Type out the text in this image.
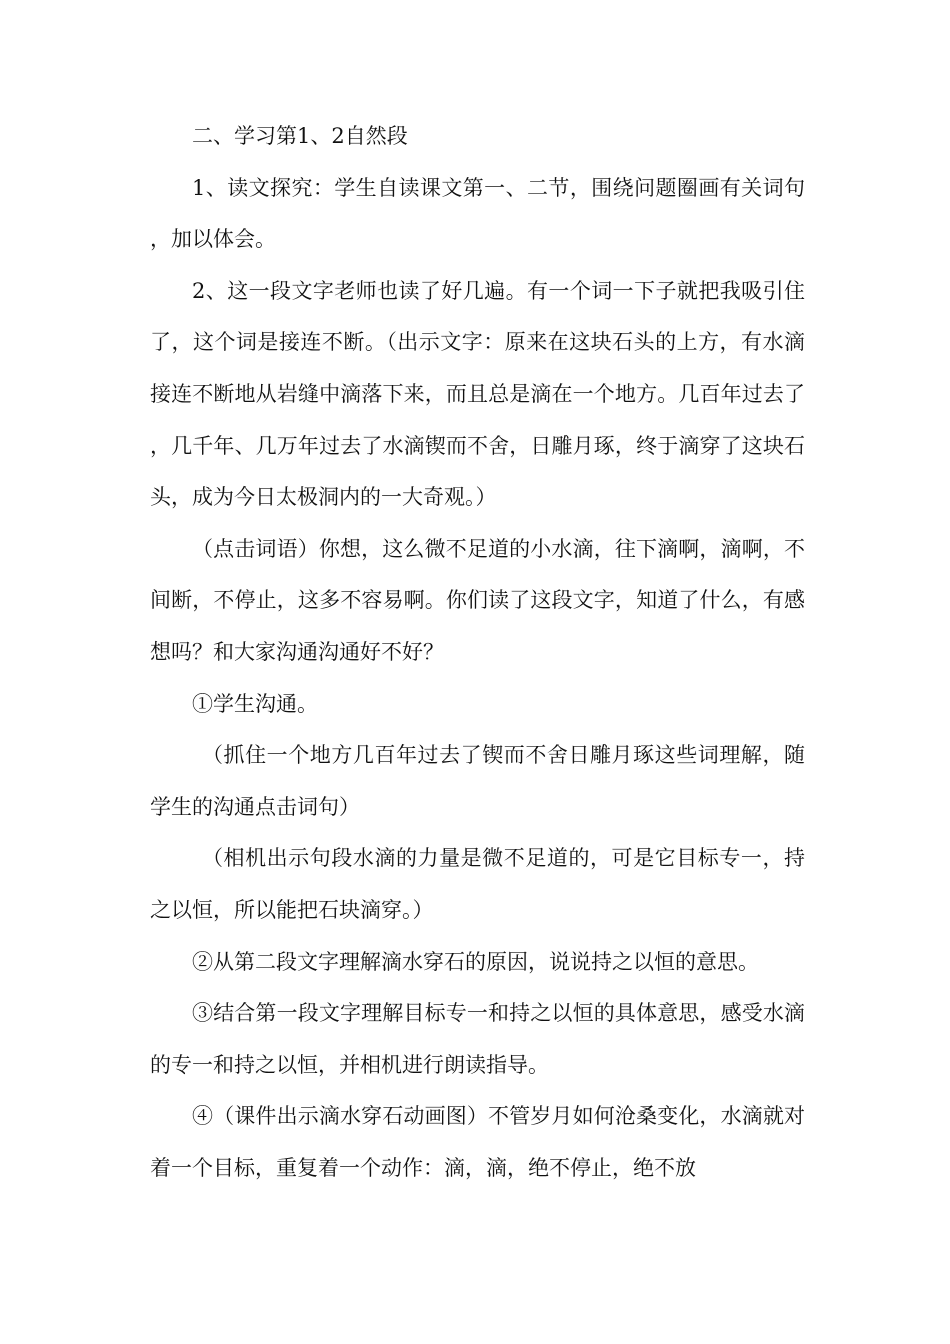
二、学习第1、2自然段

1、读文探究：学生自读课文第一、二节，围绕问题圈画有关词句，加以体会。

2、这一段文字老师也读了好几遍。有一个词一下子就把我吸引住了，这个词是接连不断。（出示文字：原来在这块石头的上方，有水滴接连不断地从岩缝中滴落下来，而且总是滴在一个地方。几百年过去了，几千年、几万年过去了水滴锲而不舍，日雕月琢，终于滴穿了这块石头，成为今日太极洞内的一大奇观。）

（点击词语）你想，这么微不足道的小水滴，往下滴啊，滴啊，不间断，不停止，这多不容易啊。你们读了这段文字，知道了什么，有感想吗？和大家沟通沟通好不好？

①学生沟通。

（抓住一个地方几百年过去了锲而不舍日雕月琢这些词理解，随学生的沟通点击词句）

（相机出示句段水滴的力量是微不足道的，可是它目标专一，持之以恒，所以能把石块滴穿。）

②从第二段文字理解滴水穿石的原因，说说持之以恒的意思。

③结合第一段文字理解目标专一和持之以恒的具体意思，感受水滴的专一和持之以恒，并相机进行朗读指导。

④（课件出示滴水穿石动画图）不管岁月如何沧桑变化，水滴就对着一个目标，重复着一个动作：滴，滴，绝不停止，绝不放
